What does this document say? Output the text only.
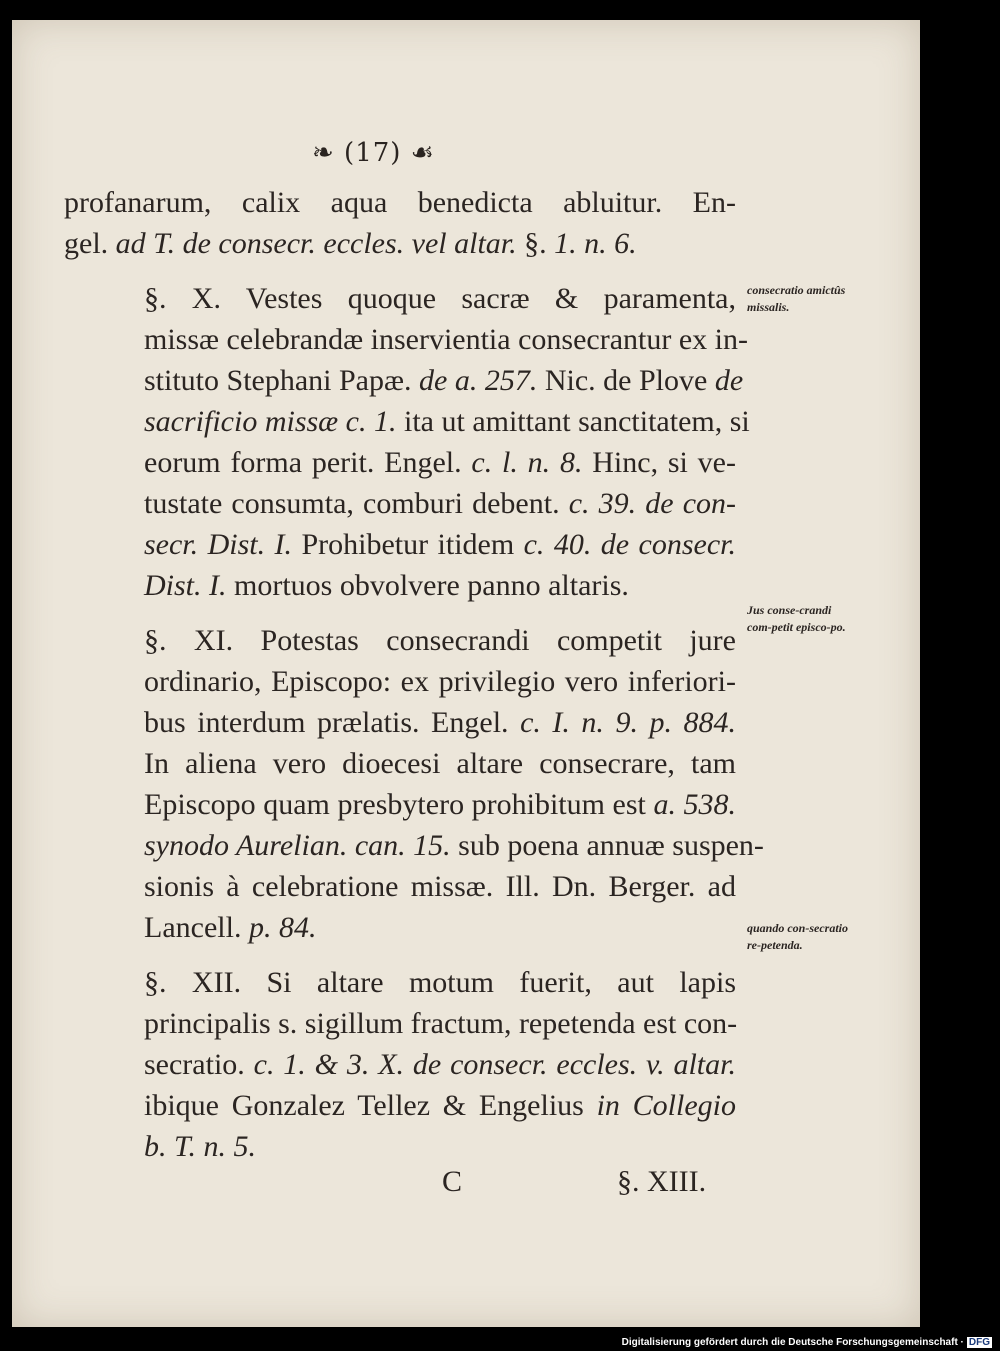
❧ (17) ☙
profanarum, calix aqua benedicta abluitur. En-
gel. ad T. de consecr. eccles. vel altar. §. 1. n. 6.
§. X. Vestes quoque sacræ & paramenta,
missæ celebrandæ inservientia consecrantur ex in-
stituto Stephani Papæ. de a. 257. Nic. de Plove de
sacrificio missæ c. 1. ita ut amittant sanctitatem, si
eorum forma perit. Engel. c. l. n. 8. Hinc, si ve-
tustate consumta, comburi debent. c. 39. de con-
secr. Dist. I. Prohibetur itidem c. 40. de consecr.
Dist. I. mortuos obvolvere panno altaris.
§. XI. Potestas consecrandi competit jure
ordinario, Episcopo: ex privilegio vero inferiori-
bus interdum prælatis. Engel. c. I. n. 9. p. 884.
In aliena vero dioecesi altare consecrare, tam
Episcopo quam presbytero prohibitum est a. 538.
synodo Aurelian. can. 15. sub poena annuæ suspen-
sionis à celebratione missæ. Ill. Dn. Berger. ad
Lancell. p. 84.
§. XII. Si altare motum fuerit, aut lapis
principalis s. sigillum fractum, repetenda est con-
secratio. c. 1. & 3. X. de consecr. eccles. v. altar.
ibique Gonzalez Tellez & Engelius in Collegio
b. T. n. 5.
consecratio amictûs missalis.
Jus conse-crandi com-petit episco-po.
quando con-secratio re-petenda.
C	§. XIII.
Digitalisierung gefördert durch die Deutsche Forschungsgemeinschaft · DFG
